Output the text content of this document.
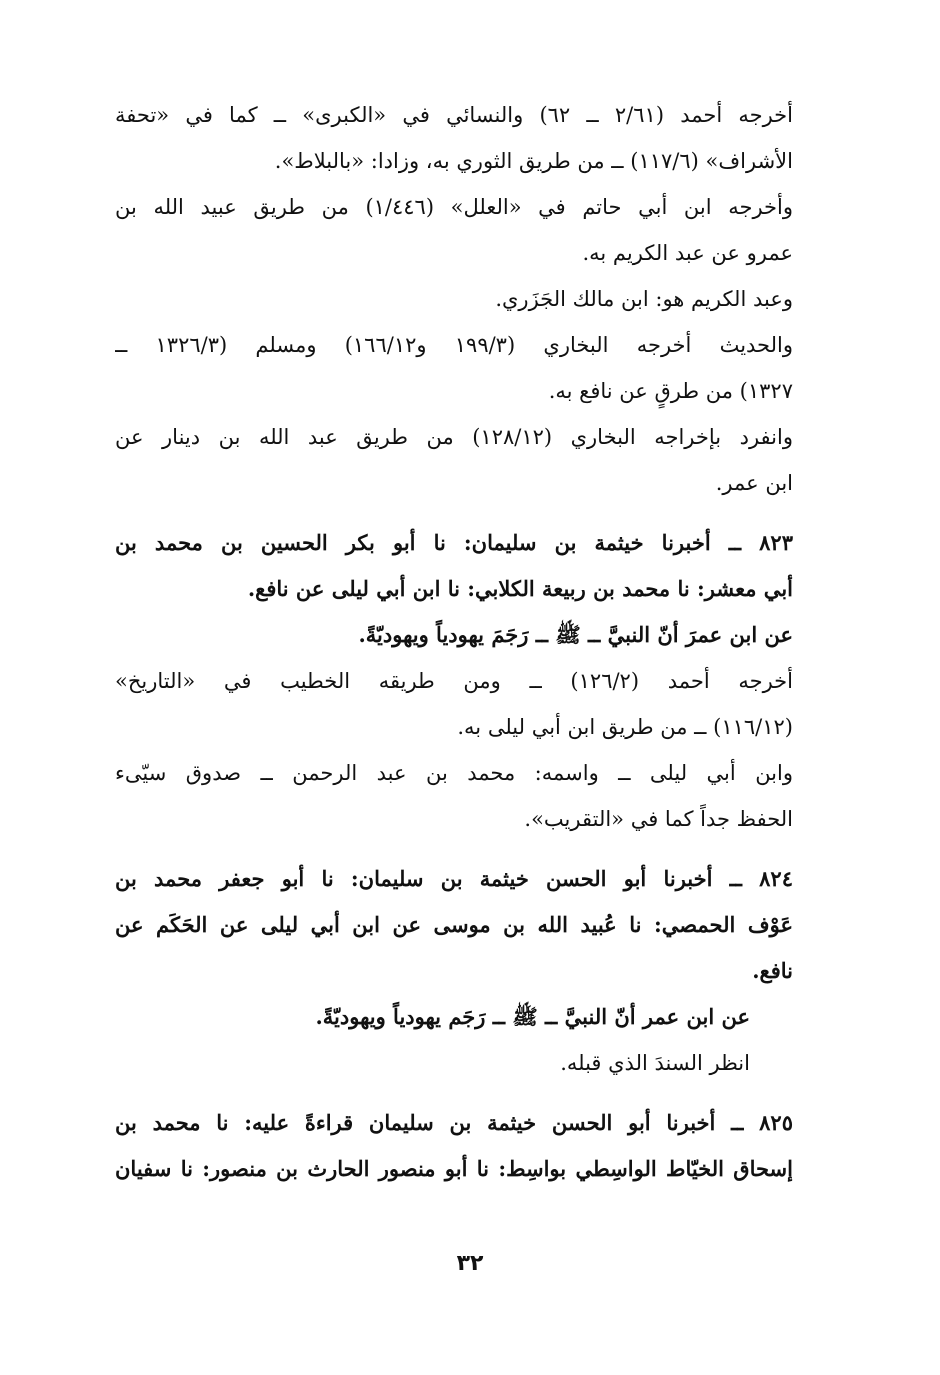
أخرجه أحمد (٢/٦١ ــ ٦٢) والنسائي في «الكبرى» ــ كما في «تحفة
الأشراف» (١١٧/٦) ــ من طريق الثوري به، وزادا: «بالبلاط».

وأخرجه ابن أبي حاتم في «العلل» (١/٤٤٦) من طريق عبيد الله بن
عمرو عن عبد الكريم به.

وعبد الكريم هو: ابن مالك الجَزَري.

والحديث أخرجه البخاري (١٩٩/٣ و١٦٦/١٢) ومسلم (١٣٢٦/٣ ــ
١٣٢٧) من طرقٍ عن نافع به.

وانفرد بإخراجه البخاري (١٢٨/١٢) من طريق عبد الله بن دينار عن
ابن عمر.

٨٢٣ ــ أخبرنا خيثمة بن سليمان: نا أبو بكر الحسين بن محمد بن
أبي معشر: نا محمد بن ربيعة الكلابي: نا ابن أبي ليلى عن نافع.

عن ابن عمرَ أنّ النبيَّ ــ ﷺ ــ رَجَمَ يهودياً ويهوديّةً.

أخرجه أحمد (١٢٦/٢) ــ ومن طريقه الخطيب في «التاريخ»
(١١٦/١٢) ــ من طريق ابن أبي ليلى به.

وابن أبي ليلى ــ واسمه: محمد بن عبد الرحمن ــ صدوق سيّىء
الحفظ جداً كما في «التقريب».

٨٢٤ ــ أخبرنا أبو الحسن خيثمة بن سليمان: نا أبو جعفر محمد بن
عَوْف الحمصي: نا عُبيد الله بن موسى عن ابن أبي ليلى عن الحَكَم عن
نافع.

عن ابن عمر أنّ النبيَّ ــ ﷺ ــ رَجَم يهودياً ويهوديّةً.

انظر السندَ الذي قبله.

٨٢٥ ــ أخبرنا أبو الحسن خيثمة بن سليمان قراءةً عليه: نا محمد بن
إسحاق الخيّاط الواسِطي بواسِط: نا أبو منصور الحارث بن منصور: نا سفيان

٣٢
